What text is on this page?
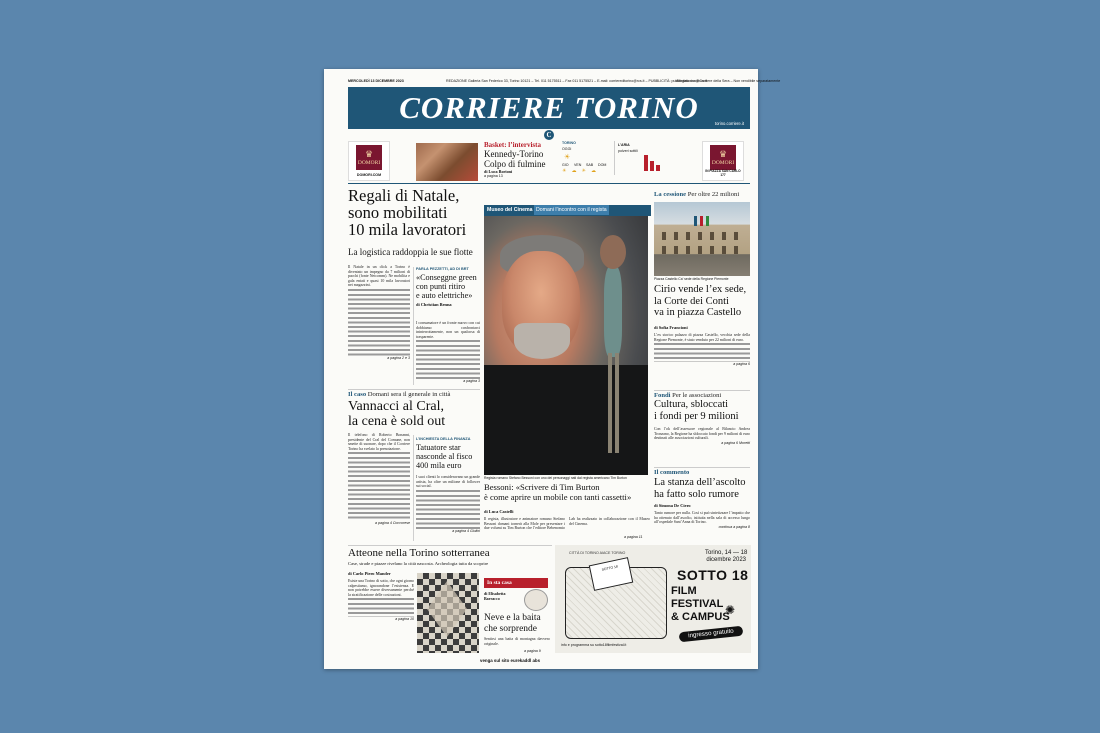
MERCOLEDÌ 13 DICEMBRE 2023	REDAZIONE Galleria San Federico 33, Torino 10121 – Tel. 011 5175511 – Fax 011 5175521 – E-mail: corriereditorino@rcs.it – PUBBLICITÀ: pubblicitatorino@rcs.it
Allegato con il Corriere della Sera – Non vendibile separatamente
CORRIERE TORINO	torino.corriere.it
C
♛
DOMORI
DOMORI.COM
Basket: l’intervista
Kennedy-Torino
Colpo di fulmine
di Luca Borioni
a pagina 13
TORINO
OGGI
☀
GIO VEN SAB DOM
☀☁☀☁
L’ARIA
polveri sottili	♛
DOMORI
IN PIAZZA SAN CARLO 177
Regali di Natale,
sono mobilitati
10 mila lavoratori
La logistica raddoppia le sue flotte
Il Natale in un click a Torino è diventato un impegno da 7 milioni di pacchi (fonte Netcomm). Ne mobilita e gala entati e quasi 10 mila lavoratori nei magazzini.
a pagina 2 e 3
PARLA PEZZETTI, AD DI BRT
«Conseggne green
con punti ritiro
e auto elettriche»
di Christian Benna
I consumatore è un fronte nuovo con cui dobbiamo confrontarci ininterrottamente, non un qualcosa di trasparente.
a pagina 3
Il caso Domani sera il generale in città
Vannacci al Cral,
la cena è sold out
Il telefono di Roberto Bonanni, presidente del Cral del Comune, non smette di suonare, dopo che il Corriere Torino ha svelato la prenotazione.
a pagina 4 Coccorese
L’INCHIESTA DELLA FINANZA
Tatuatore star
nasconde al fisco
400 mila euro
I suoi clienti lo consideravano un grande artista, ha oltre un milione di follower sui social.
a pagina 4 Giulini
Museo del Cinema Domani l’incontro con il regista
Regista romano Stefano Bessoni con uno dei personaggi nati dal regista americano Tim Burton
Bessoni: «Scrivere di Tim Burton
è come aprire un mobile con tanti cassetti»
di Luca Castelli
Il regista, illustratore e animatore romano Stefano Bessoni domani tornerà alla Mole per presentare i due volumi su Tim Burton che l’editore Bebenomio Lab ha realizzato in collaborazione con il Museo del Cinema.
a pagina 11
La cessione Per oltre 22 milioni
Piazza Castello Ca’ sede della Regione Piemonte
Cirio vende l’ex sede,
la Corte dei Conti
va in piazza Castello
di Sofia Francioni
L’ex storico palazzo di piazza Castello, vecchia sede della Regione Piemonte, è stato venduto per 22 milioni di euro.
a pagina 6
Fondi Per le associazioni
Cultura, sbloccati
i fondi per 9 milioni
Con l’ok dell’assessore regionale al Bilancio Andrea Tronzano, la Regione ha sbloccato fondi per 9 milioni di euro destinati alle associazioni culturali.
a pagina 6 Moretti
Il commento
La stanza dell’ascolto
ha fatto solo rumore
di Simona De Ciero
Tanto rumore per nulla. Così si può sintetizzare l’impatto che ha ottenuto dall’ascolto, istituita nella sala di accesso lungo all’ospedale Sant’Anna di Torino.
continua a pagina 8
Atteone nella Torino sotterranea
Case, strade e piazze rivelano la città nascosta. Archeologia tutta da scoprire
di Carlo Piero Mander
Esiste una Torino di sotto, che ogni giorno calpestiamo, ignorandone l’esistenza. E non potrebbe essere diversamente perché la stratificazione delle costruzioni.
a pagina 10
In sta casa
di Elisabetta
Barracco
Neve e la baita
che sorprende
Sentirsi una baita di montagna davvero originale.
a pagina 9
CITTÀ DI TORINO AIACE TORINO	Torino, 14 — 18
dicembre 2023
SOTTO 18	SOTTO 18
FILM FESTIVAL
& CAMPUS
✺
ingresso gratuito
info e programma su sotto18filmfestival.it
venga sul sito eurekaddl abs
